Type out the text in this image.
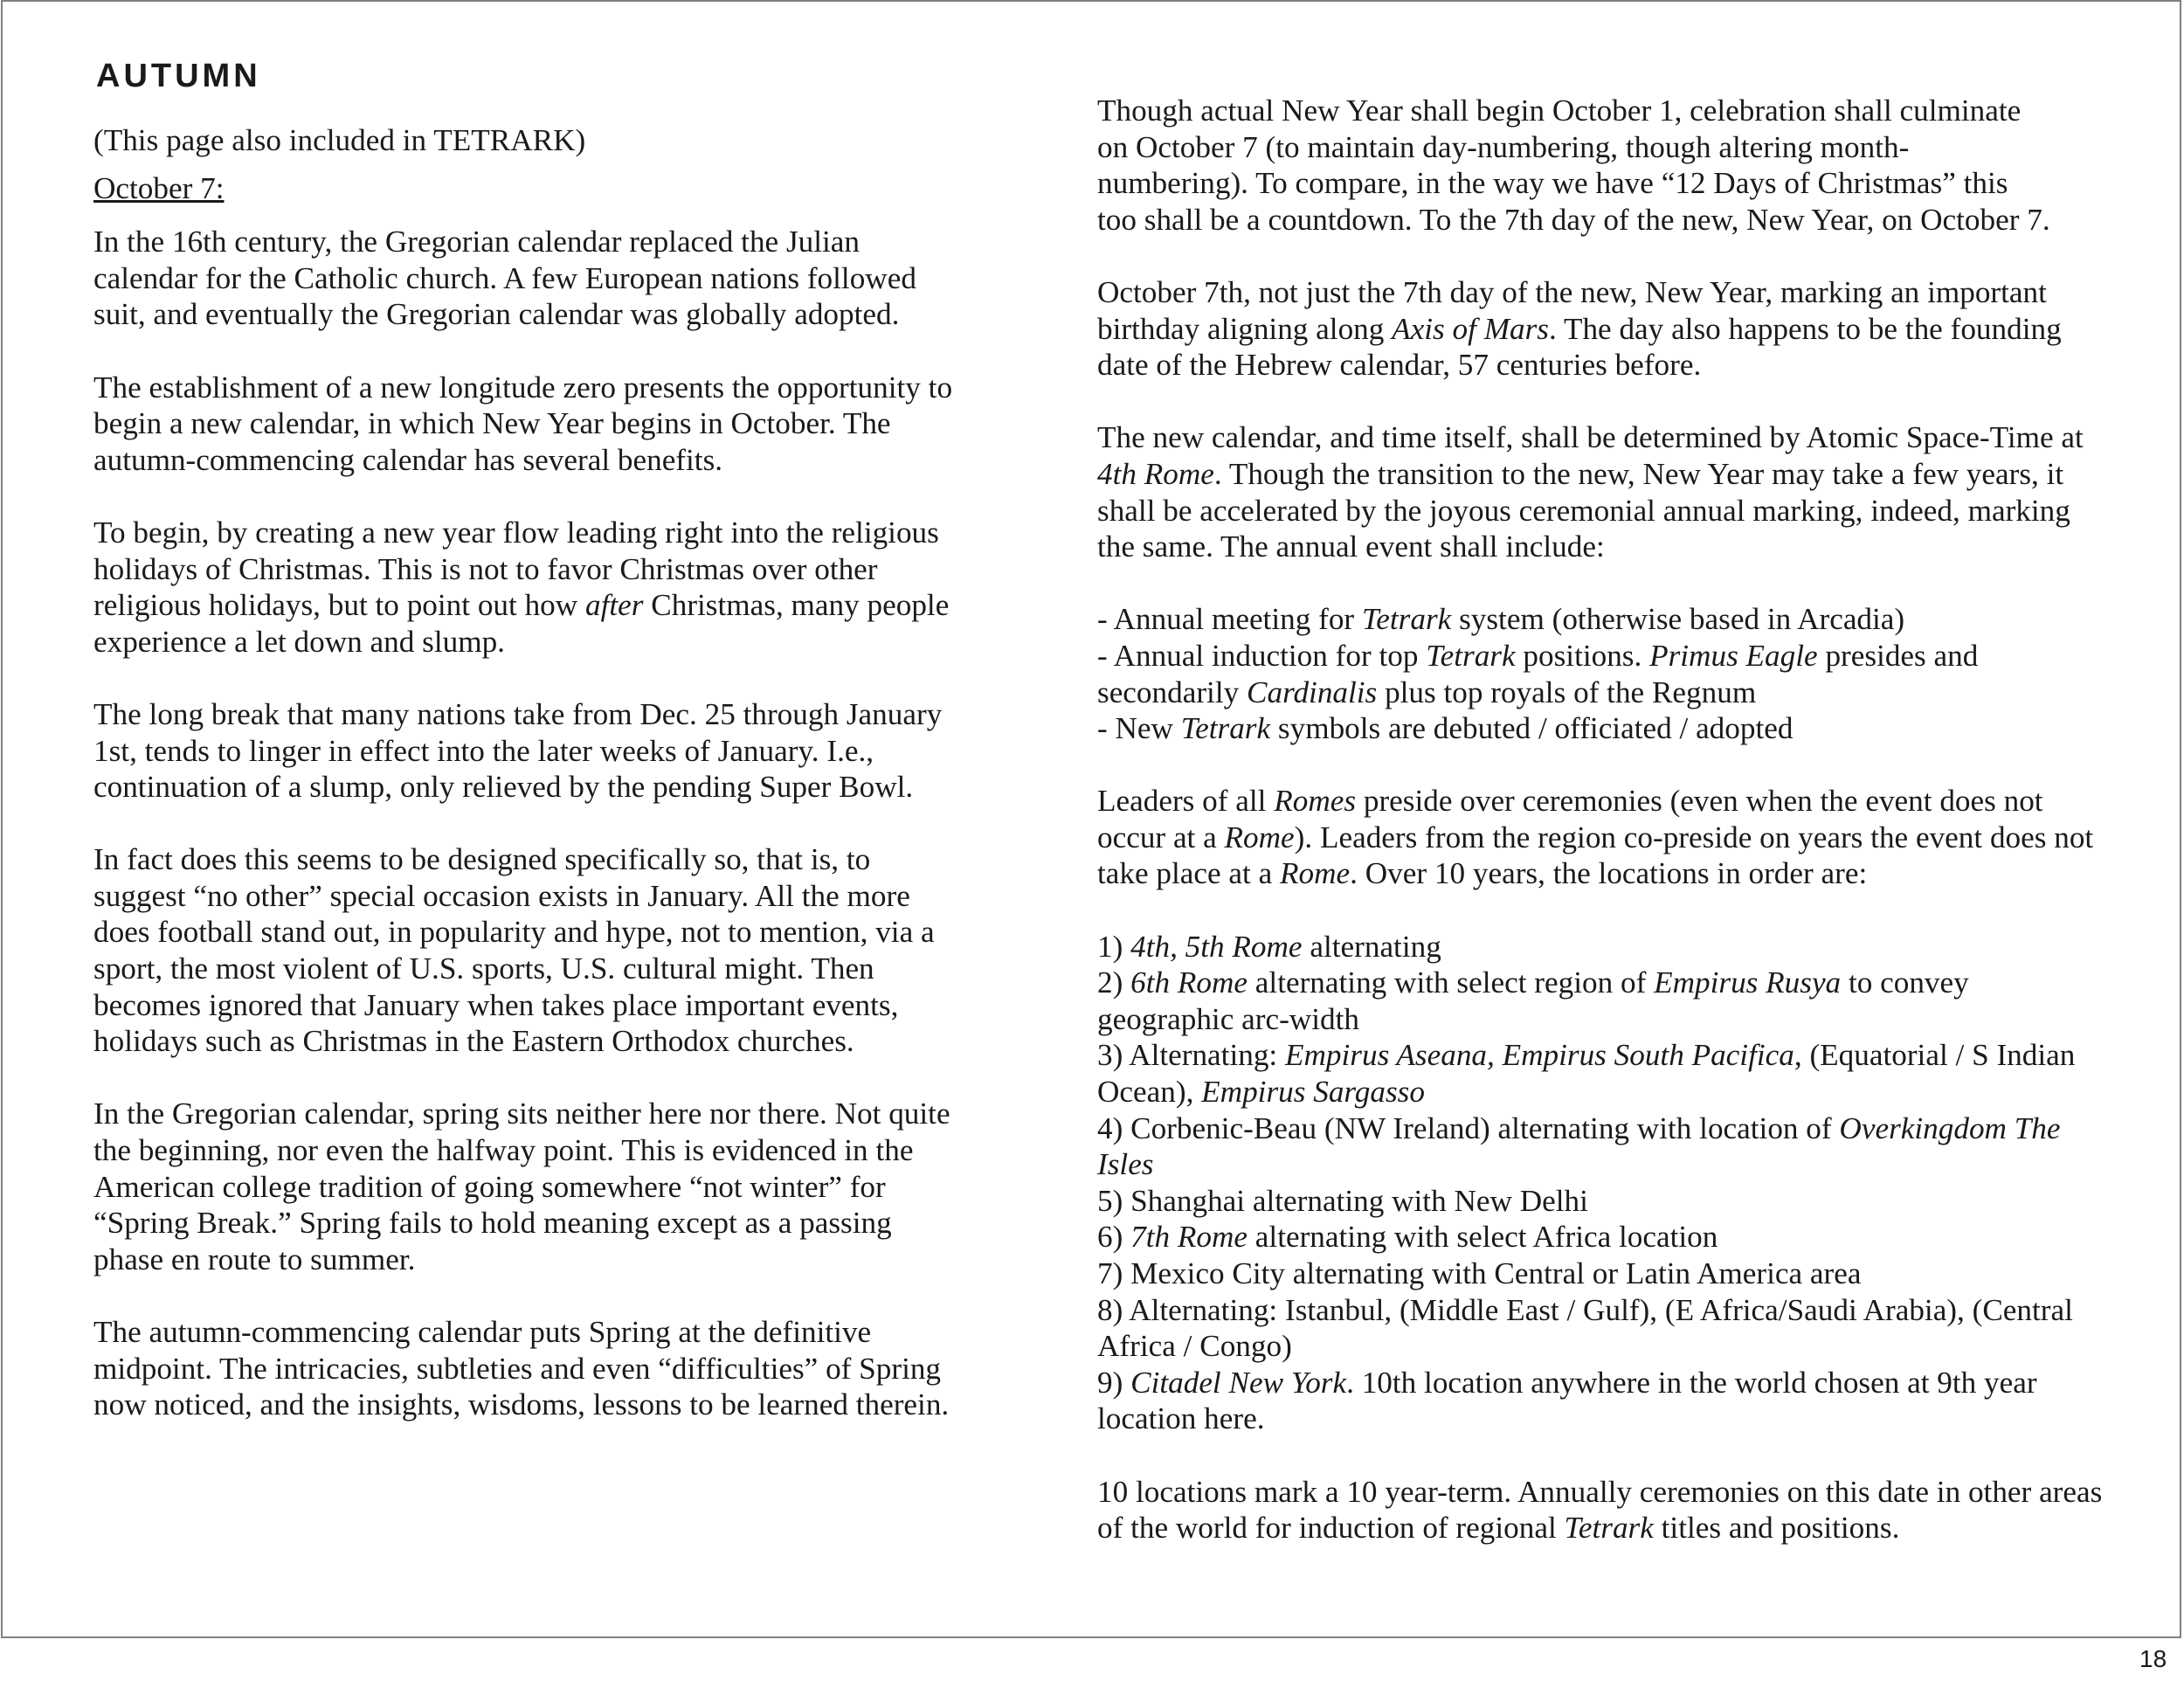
AUTUMN

(This page also included in TETRARK)

October 7:

In the 16th century, the Gregorian calendar replaced the Julian calendar for the Catholic church. A few European nations followed suit, and eventually the Gregorian calendar was globally adopted.

The establishment of a new longitude zero presents the opportunity to begin a new calendar, in which New Year begins in October. The autumn-commencing calendar has several benefits.

To begin, by creating a new year flow leading right into the religious holidays of Christmas. This is not to favor Christmas over other religious holidays, but to point out how after Christmas, many people experience a let down and slump.

The long break that many nations take from Dec. 25 through January 1st, tends to linger in effect into the later weeks of January. I.e., continuation of a slump, only relieved by the pending Super Bowl.

In fact does this seems to be designed specifically so, that is, to suggest “no other” special occasion exists in January. All the more does football stand out, in popularity and hype, not to mention, via a sport, the most violent of U.S. sports, U.S. cultural might. Then becomes ignored that January when takes place important events, holidays such as Christmas in the Eastern Orthodox churches.

In the Gregorian calendar, spring sits neither here nor there. Not quite the beginning, nor even the halfway point. This is evidenced in the American college tradition of going somewhere “not winter” for “Spring Break.” Spring fails to hold meaning except as a passing phase en route to summer.

The autumn-commencing calendar puts Spring at the definitive midpoint. The intricacies, subtleties and even “difficulties” of Spring now noticed, and the insights, wisdoms, lessons to be learned therein.

Though actual New Year shall begin October 1, celebration shall culminate
on October 7 (to maintain day-numbering, though altering month-
numbering). To compare, in the way we have “12 Days of Christmas” this
too shall be a countdown. To the 7th day of the new, New Year, on October 7.

October 7th, not just the 7th day of the new, New Year, marking an important birthday aligning along Axis of Mars. The day also happens to be the founding date of the Hebrew calendar, 57 centuries before.

The new calendar, and time itself, shall be determined by Atomic Space-Time at 4th Rome. Though the transition to the new, New Year may take a few years, it shall be accelerated by the joyous ceremonial annual marking, indeed, marking the same. The annual event shall include:

- Annual meeting for Tetrark system (otherwise based in Arcadia)

- Annual induction for top Tetrark positions. Primus Eagle presides and secondarily Cardinalis plus top royals of the Regnum

- New Tetrark symbols are debuted / officiated / adopted

Leaders of all Romes preside over ceremonies (even when the event does not occur at a Rome). Leaders from the region co-preside on years the event does not take place at a Rome. Over 10 years, the locations in order are:

1) 4th, 5th Rome alternating

2) 6th Rome alternating with select region of Empirus Rusya to convey geographic arc-width

3) Alternating: Empirus Aseana, Empirus South Pacifica, (Equatorial / S Indian Ocean), Empirus Sargasso

4) Corbenic-Beau (NW Ireland) alternating with location of Overkingdom The Isles

5) Shanghai alternating with New Delhi

6) 7th Rome alternating with select Africa location

7) Mexico City alternating with Central or Latin America area

8) Alternating: Istanbul, (Middle East / Gulf), (E Africa/Saudi Arabia), (Central Africa / Congo)

9) Citadel New York. 10th location anywhere in the world chosen at 9th year location here.

10 locations mark a 10 year-term. Annually ceremonies on this date in other areas of the world for induction of regional Tetrark titles and positions.

18
